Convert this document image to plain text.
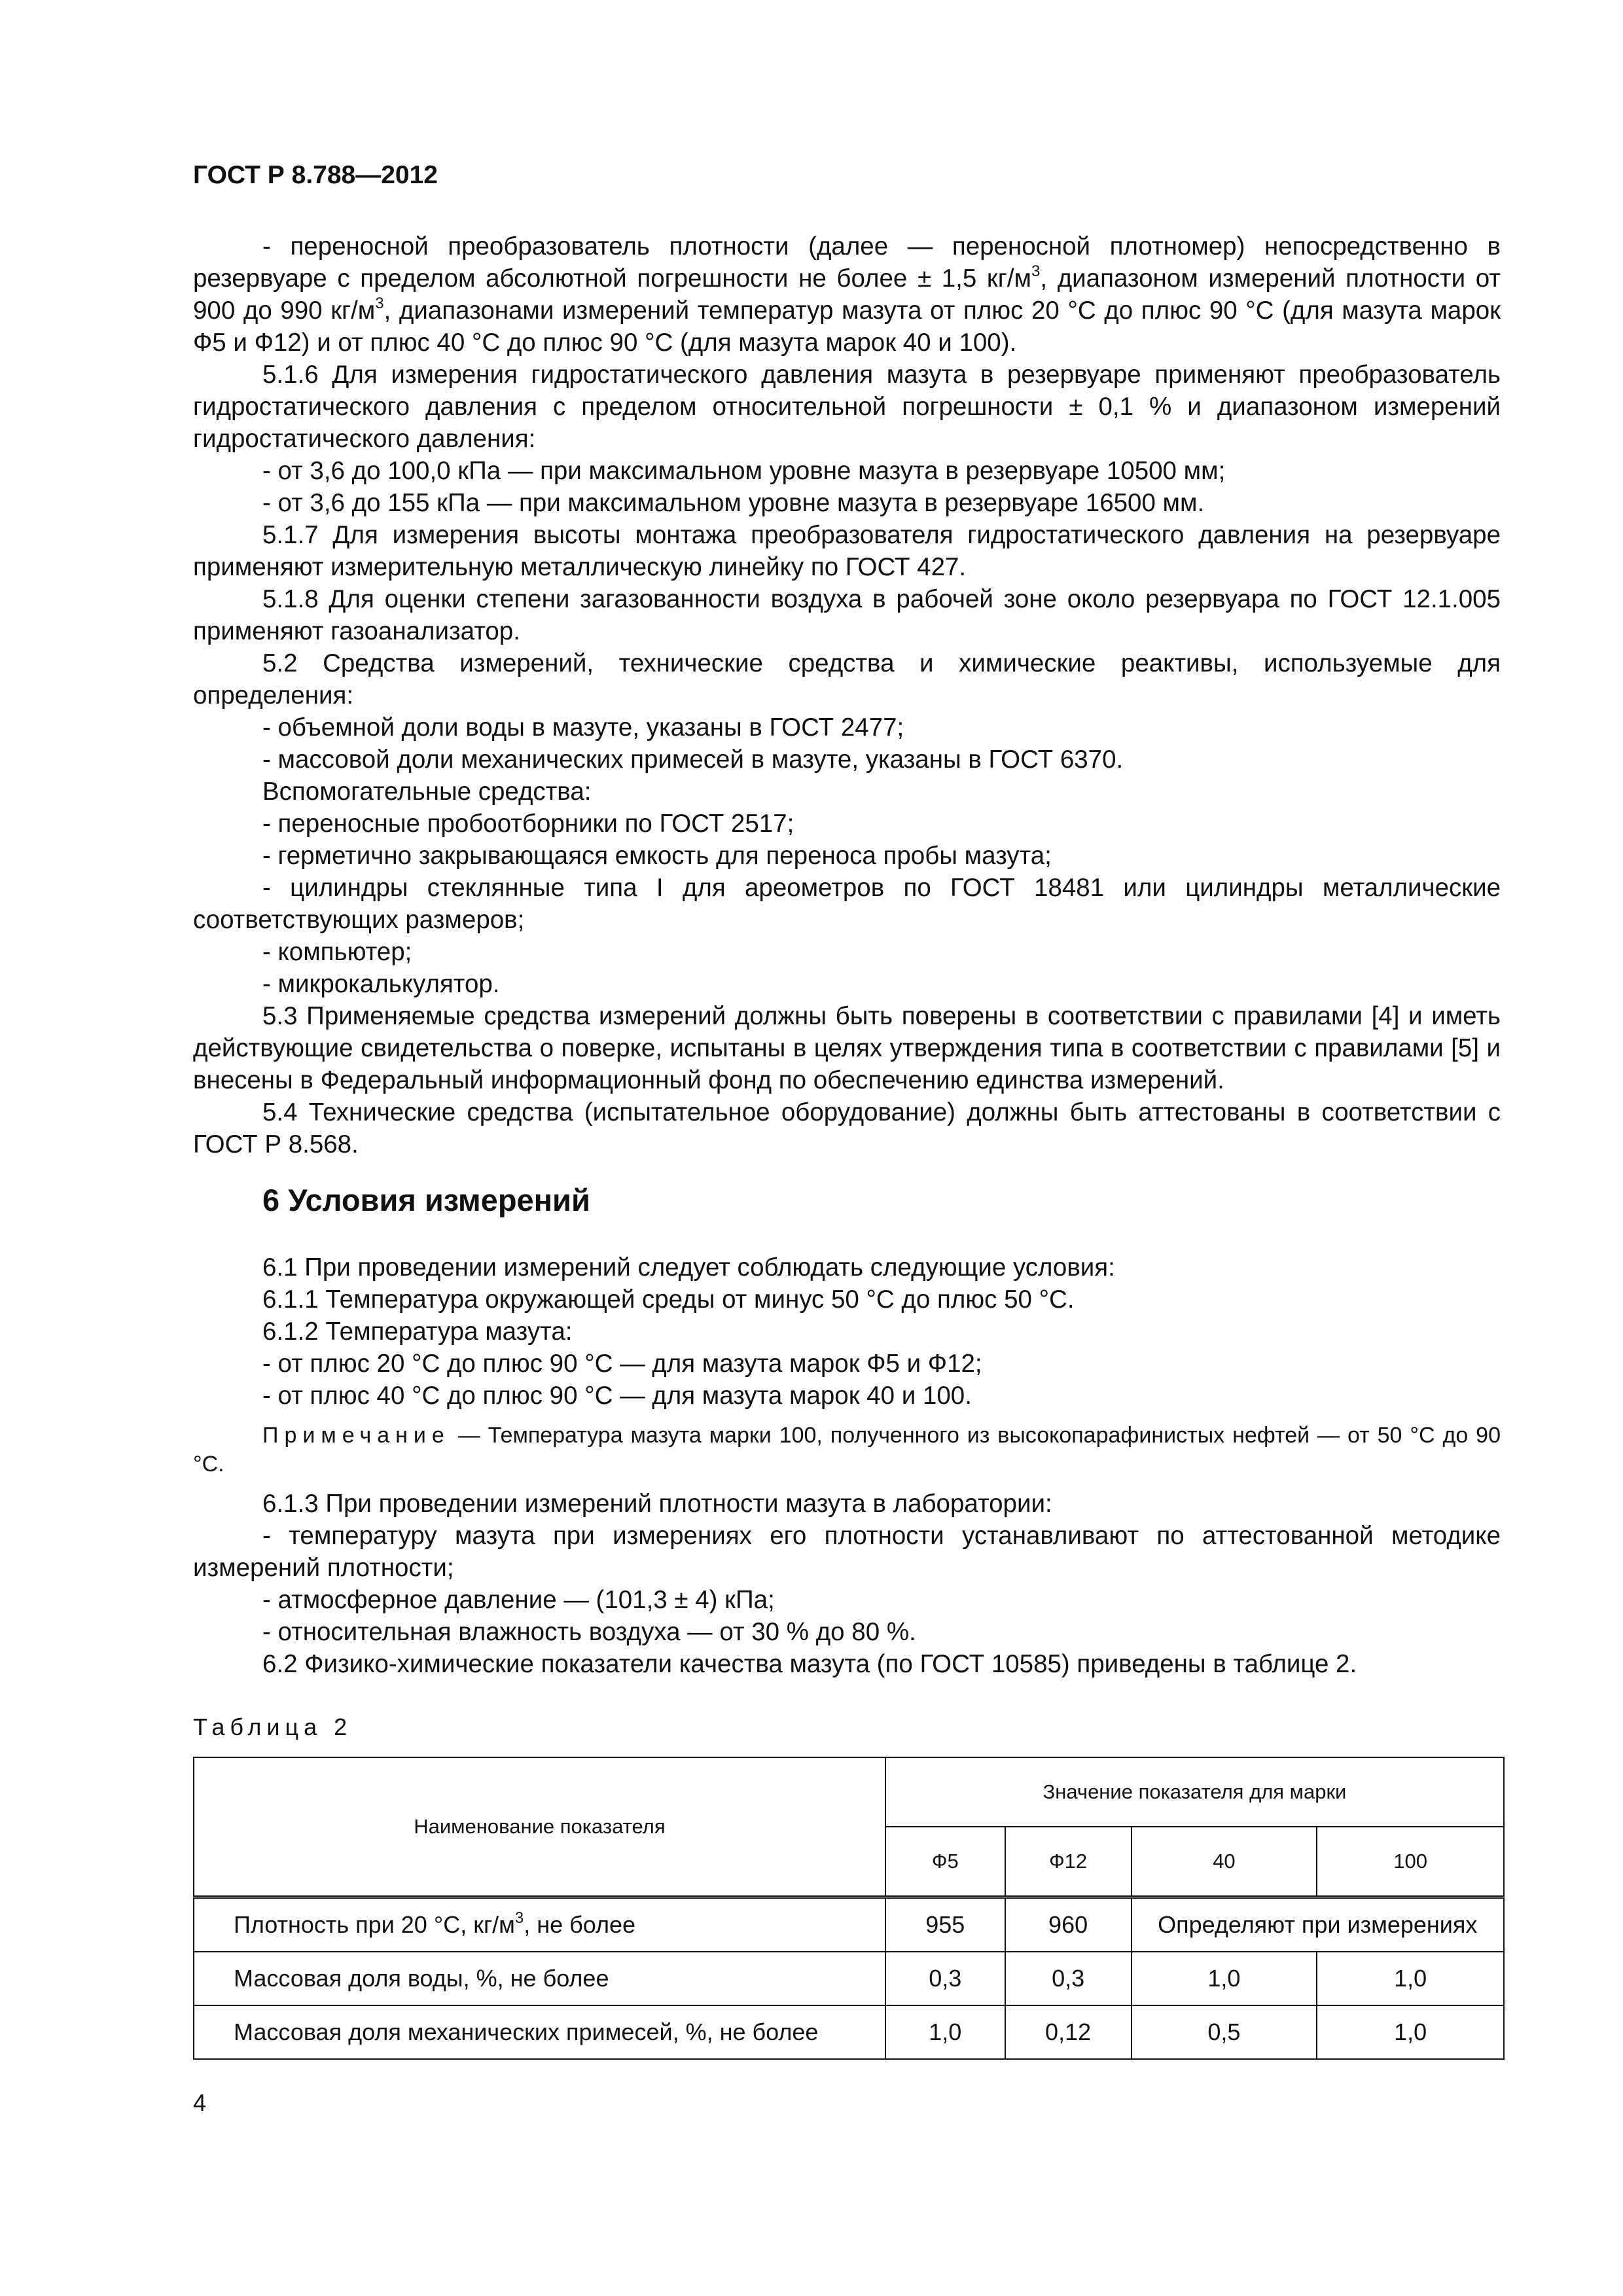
ГОСТ Р 8.788—2012

- переносной преобразователь плотности (далее — переносной плотномер) непосредственно в резервуаре с пределом абсолютной погрешности не более ± 1,5 $кг/м^3$, диапазоном измерений плотности от 900 до 990 $кг/м^3$, диапазонами измерений температур мазута от плюс 20 °С до плюс 90 °С (для мазута марок Ф5 и Ф12) и от плюс 40 °С до плюс 90 °С (для мазута марок 40 и 100).

5.1.6 Для измерения гидростатического давления мазута в резервуаре применяют преобразователь гидростатического давления с пределом относительной погрешности ± 0,1 % и диапазоном измерений гидростатического давления:

- от 3,6 до 100,0 кПа — при максимальном уровне мазута в резервуаре 10500 мм;

- от 3,6 до 155 кПа — при максимальном уровне мазута в резервуаре 16500 мм.

5.1.7 Для измерения высоты монтажа преобразователя гидростатического давления на резервуаре применяют измерительную металлическую линейку по ГОСТ 427.

5.1.8 Для оценки степени загазованности воздуха в рабочей зоне около резервуара по ГОСТ 12.1.005 применяют газоанализатор.

5.2 Средства измерений, технические средства и химические реактивы, используемые для определения:

- объемной доли воды в мазуте, указаны в ГОСТ 2477;

- массовой доли механических примесей в мазуте, указаны в ГОСТ 6370.

Вспомогательные средства:

- переносные пробоотборники по ГОСТ 2517;

- герметично закрывающаяся емкость для переноса пробы мазута;

- цилиндры стеклянные типа I для ареометров по ГОСТ 18481 или цилиндры металлические соответствующих размеров;

- компьютер;

- микрокалькулятор.

5.3 Применяемые средства измерений должны быть поверены в соответствии с правилами [4] и иметь действующие свидетельства о поверке, испытаны в целях утверждения типа в соответствии с правилами [5] и внесены в Федеральный информационный фонд по обеспечению единства измерений.

5.4 Технические средства (испытательное оборудование) должны быть аттестованы в соответствии с ГОСТ Р 8.568.

6 Условия измерений

6.1 При проведении измерений следует соблюдать следующие условия:

6.1.1 Температура окружающей среды от минус 50 °С до плюс 50 °С.

6.1.2 Температура мазута:

- от плюс 20 °С до плюс 90 °С — для мазута марок Ф5 и Ф12;

- от плюс 40 °С до плюс 90 °С — для мазута марок 40 и 100.

Примечание — Температура мазута марки 100, полученного из высокопарафинистых нефтей — от 50 °С до 90 °С.

6.1.3 При проведении измерений плотности мазута в лаборатории:

- температуру мазута при измерениях его плотности устанавливают по аттестованной методике измерений плотности;

- атмосферное давление — (101,3 ± 4) кПа;

- относительная влажность воздуха — от 30 % до 80 %.

6.2 Физико-химические показатели качества мазута (по ГОСТ 10585) приведены в таблице 2.

Таблица 2
Наименование показателя	Значение показателя для марки			
	Ф5	Ф12	40	100
Плотность при 20 °С, $кг/м^3$, не более	955	960	Определяют при измерениях	
Массовая доля воды, %, не более	0,3	0,3	1,0	1,0
Массовая доля механических примесей, %, не более	1,0	0,12	0,5	1,0
4
